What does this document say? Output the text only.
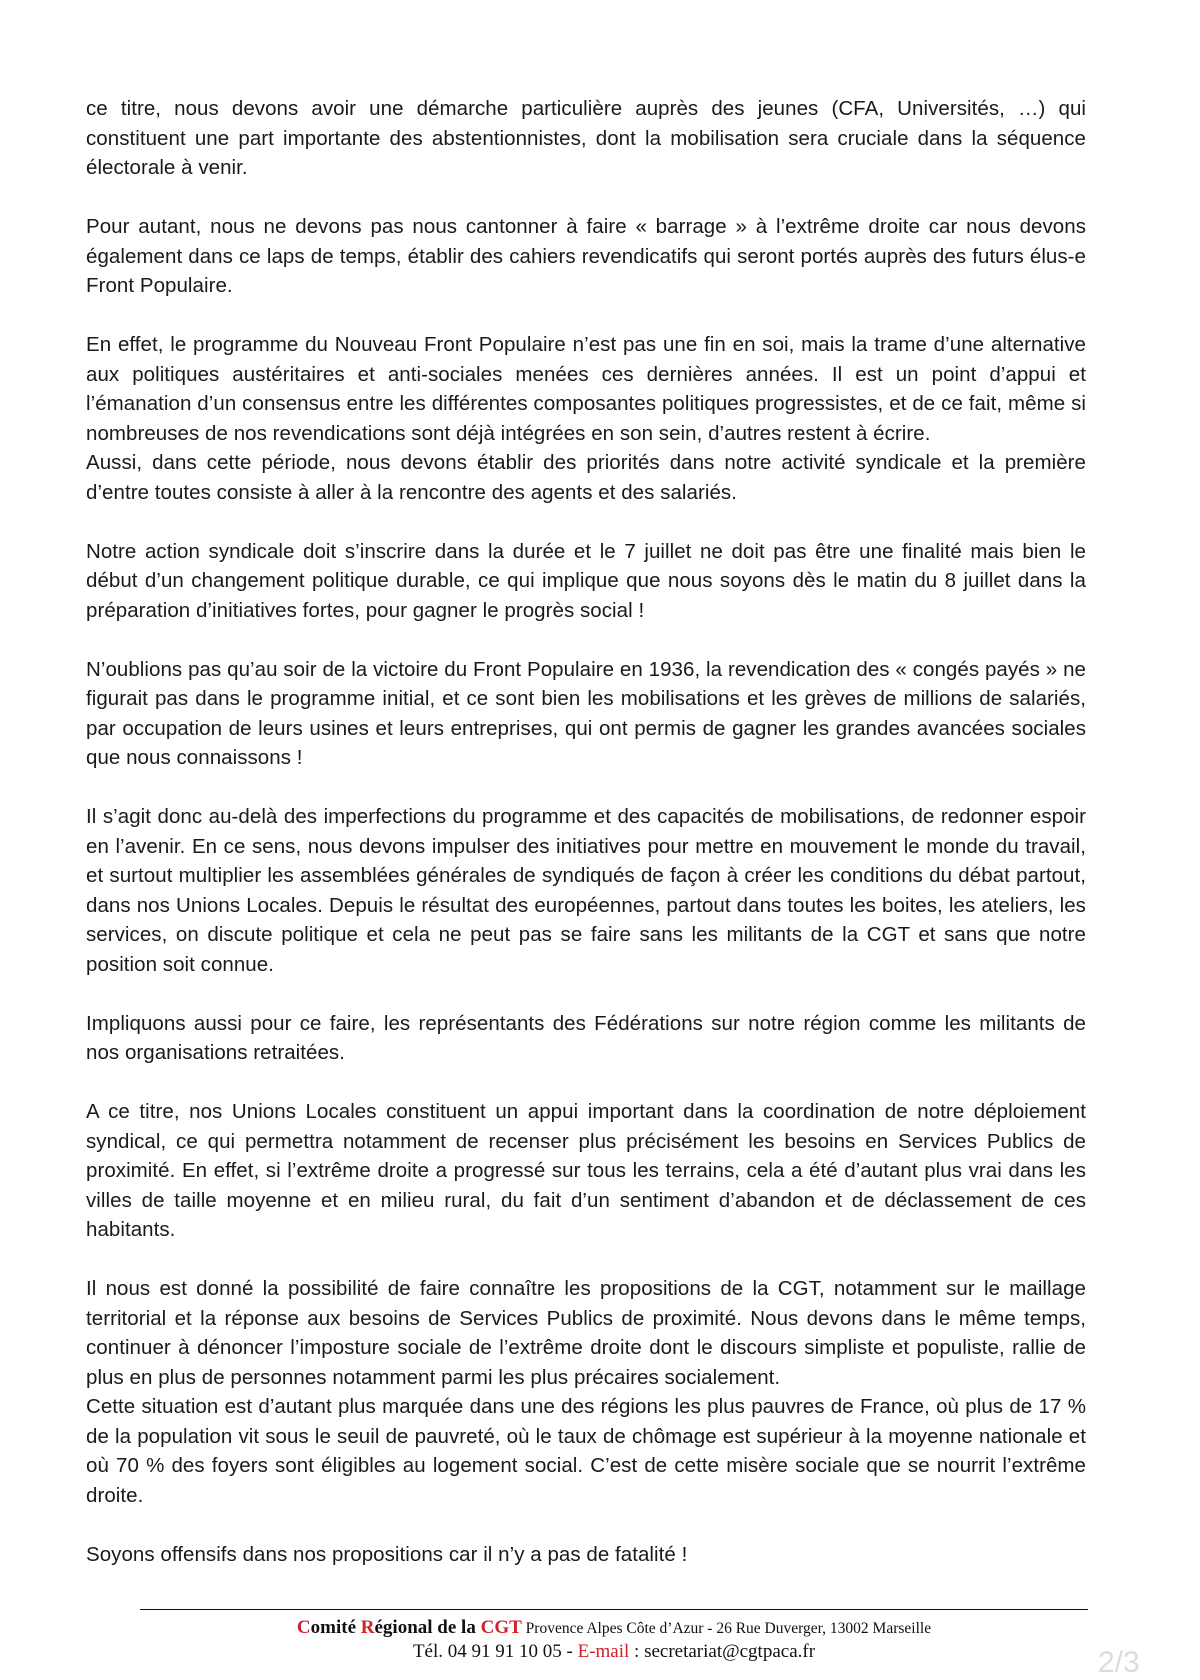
ce titre, nous devons avoir une démarche particulière auprès des jeunes (CFA, Universités, …) qui constituent une part importante des abstentionnistes, dont la mobilisation sera cruciale dans la séquence électorale à venir.

Pour autant, nous ne devons pas nous cantonner à faire « barrage » à l’extrême droite car nous devons également dans ce laps de temps, établir des cahiers revendicatifs qui seront portés auprès des futurs élus-e Front Populaire.

En effet, le programme du Nouveau Front Populaire n’est pas une fin en soi, mais la trame d’une alternative aux politiques austéritaires et anti-sociales menées ces dernières années. Il est un point d’appui et l’émanation d’un consensus entre les différentes composantes politiques progressistes, et de ce fait, même si nombreuses de nos revendications sont déjà intégrées en son sein, d’autres restent à écrire.

Aussi, dans cette période, nous devons établir des priorités dans notre activité syndicale et la première d’entre toutes consiste à aller à la rencontre des agents et des salariés.

Notre action syndicale doit s’inscrire dans la durée et le 7 juillet ne doit pas être une finalité mais bien le début d’un changement politique durable, ce qui implique que nous soyons dès le matin du 8 juillet dans la préparation d’initiatives fortes, pour gagner le progrès social !

N’oublions pas qu’au soir de la victoire du Front Populaire en 1936, la revendication des « congés payés » ne figurait pas dans le programme initial, et ce sont bien les mobilisations et les grèves de millions de salariés, par occupation de leurs usines et leurs entreprises, qui ont permis de gagner les grandes avancées sociales que nous connaissons !

Il s’agit donc au-delà des imperfections du programme et des capacités de mobilisations, de redonner espoir en l’avenir. En ce sens, nous devons impulser des initiatives pour mettre en mouvement le monde du travail, et surtout multiplier les assemblées générales de syndiqués de façon à créer les conditions du débat partout, dans nos Unions Locales. Depuis le résultat des européennes, partout dans toutes les boites, les ateliers, les services, on discute politique et cela ne peut pas se faire sans les militants de la CGT et sans que notre position soit connue.

Impliquons aussi pour ce faire, les représentants des Fédérations sur notre région comme les militants de nos organisations retraitées.

A ce titre, nos Unions Locales constituent un appui important dans la coordination de notre déploiement syndical, ce qui permettra notamment de recenser plus précisément les besoins en Services Publics de proximité. En effet, si l’extrême droite a progressé sur tous les terrains, cela a été d’autant plus vrai dans les villes de taille moyenne et en milieu rural, du fait d’un sentiment d’abandon et de déclassement de ces habitants.

Il nous est donné la possibilité de faire connaître les propositions de la CGT, notamment sur le maillage territorial et la réponse aux besoins de Services Publics de proximité. Nous devons dans le même temps, continuer à dénoncer l’imposture sociale de l’extrême droite dont le discours simpliste et populiste, rallie de plus en plus de personnes notamment parmi les plus précaires socialement.

Cette situation est d’autant plus marquée dans une des régions les plus pauvres de France, où plus de 17 % de la population vit sous le seuil de pauvreté, où le taux de chômage est supérieur à la moyenne nationale et où 70 % des foyers sont éligibles au logement social. C’est de cette misère sociale que se nourrit l’extrême droite.

Soyons offensifs dans nos propositions car il n’y a pas de fatalité !

Comité Régional de la CGT Provence Alpes Côte d’Azur - 26 Rue Duverger, 13002 Marseille
Tél. 04 91 91 10 05 - E-mail : secretariat@cgtpaca.fr	2/3
